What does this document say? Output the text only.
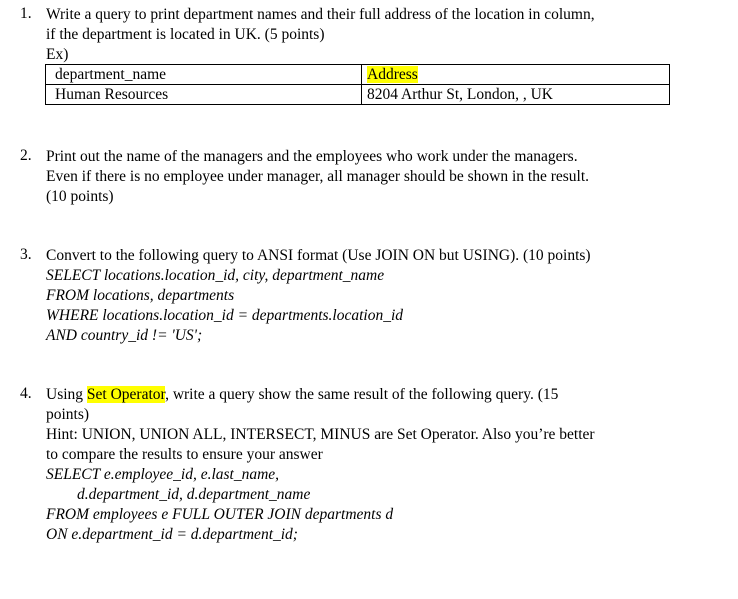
1. Write a query to print department names and their full address of the location in column,
if the department is located in UK. (5 points)
Ex)
department_name	Address
Human Resources	8204 Arthur St, London, , UK
2. Print out the name of the managers and the employees who work under the managers.
Even if there is no employee under manager, all manager should be shown in the result.
(10 points)
3. Convert to the following query to ANSI format (Use JOIN ON but USING). (10 points)
SELECT locations.location_id, city, department_name
FROM locations, departments
WHERE locations.location_id = departments.location_id
AND country_id != 'US';
4. Using Set Operator, write a query show the same result of the following query. (15
points)
Hint: UNION, UNION ALL, INTERSECT, MINUS are Set Operator. Also you’re better
to compare the results to ensure your answer
SELECT e.employee_id, e.last_name,
d.department_id, d.department_name
FROM employees e FULL OUTER JOIN departments d
ON e.department_id = d.department_id;
